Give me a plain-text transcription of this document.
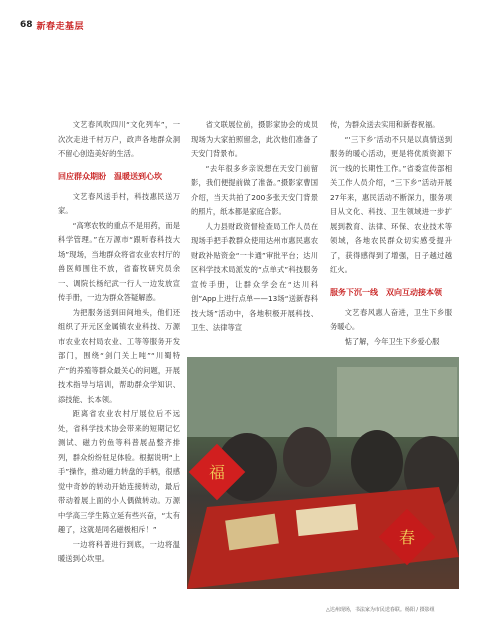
68 新春走基层

文艺春风吹四川“文化列车”，一次次走进千村万户，政声各地群众洞不留心创造美好的生活。

回应群众期盼　温暖送到心坎

文艺春风送手村，科技惠民送万家。

“高寒农牧的重点不是用药，而是科学管理。”在万源市“跟听春科技大场”现场，当地群众将省农业农村厅的兽医师围住不放，省畜牧研究员余一、调院长杨纪武一行人一边发放宣传手册，一边为群众答疑解惑。

为把服务送到田间地头，他们还组织了开元区金属镇农业科技、万源市农业农村局农业、工等等服务开发部门，围绕“剑门关上吨”“川蜀特产”的养殖等群众最关心的问题，开展技术指导与培训，帮助群众学知识、添技能、长本领。

距离省农业农村厅展位后不远处，省科学技术协会带来的短期记忆测试、磁力钓鱼等科普展品整齐排列，群众纷纷驻足体验。根据说明“上手”操作，推动磁力转盘的手柄，很感觉中奇妙的转动开始连接转动，最后带动着展上面的小人偶做转动。万源中学高三学生陈立延有些兴奋，“太有趣了，这就是同名磁极相斥！”

一边将科普进行到底，一边将温暖送到心坎里。

省文联展位前，摄影家协会的成员现场为大家拍照留念，此次他们准备了天安门背景布。

“去年很多乡亲说想在天安门前留影，我们便提前做了准备。”摄影家曹国介绍，当天共拍了200多张天安门背景的照片，纸本都是家庭合影。

人力县财政资督检查局工作人员在现场手把手教群众使用达州市惠民惠农财政补贴资金“一卡通”审批平台；达川区科学技术局派发的“点单式”科技服务宣传手册，让群众学会在“达川科创”App上进行点单——13场“送新春科技大场”活动中，各地积极开展科技、卫生、法律等宣

传，为群众送去实用和新春祝福。

“‘三下乡’活动不只是以真情送到服务的暖心活动，更是将优质资源下沉一线的长期性工作。”省委宣传部相关工作人员介绍，“三下乡”活动开展27年来，惠民活动不断深力，服务项目从文化、科技、卫生领域进一步扩展到教育、法律、环保、农业技术等领域，各地农民群众切实感受提升了，获得感得到了增强，日子越过越红火。

服务下沉一线　双向互动接本领

文艺春风惠人奋进，卫生下乡服务暖心。

惦了解，今年卫生下乡爱心服

福
春
△达州现场，书法家为市民送春联。杨阳 / 摄影组
